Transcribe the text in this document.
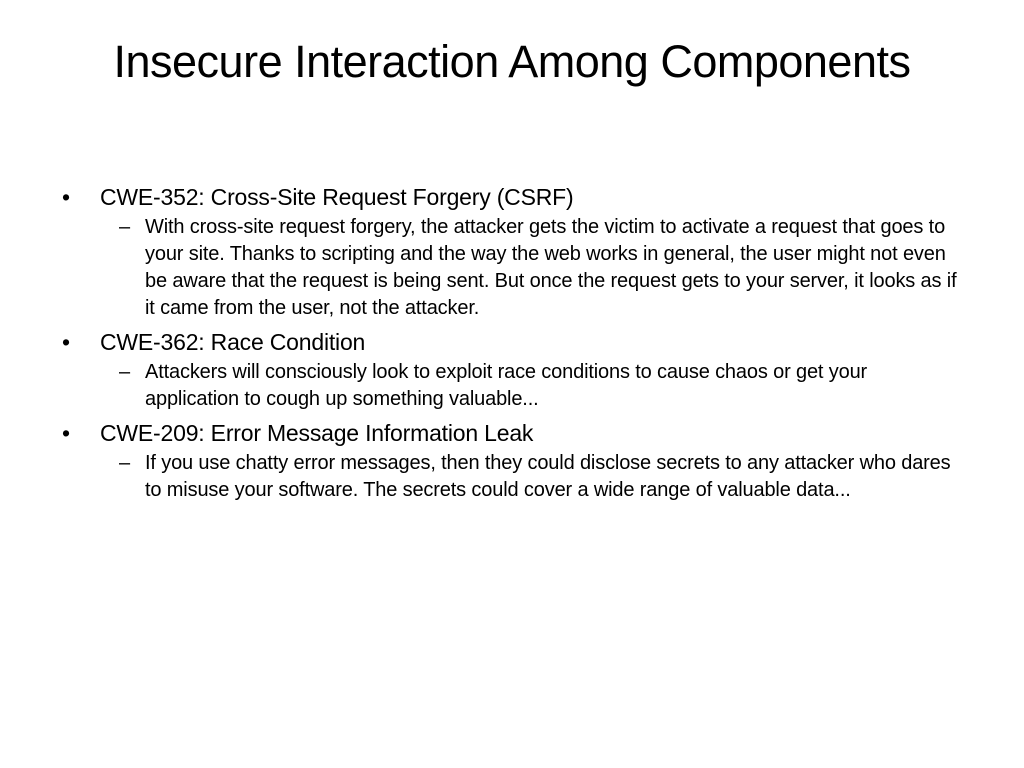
Insecure Interaction Among Components
•	CWE-352: Cross-Site Request Forgery (CSRF)
– With cross-site request forgery, the attacker gets the victim to activate a request that goes to your site. Thanks to scripting and the way the web works in general, the user might not even be aware that the request is being sent. But once the request gets to your server, it looks as if it came from the user, not the attacker.
•	CWE-362: Race Condition
– Attackers will consciously look to exploit race conditions to cause chaos or get your application to cough up something valuable...
•	CWE-209: Error Message Information Leak
– If you use chatty error messages, then they could disclose secrets to any attacker who dares to misuse your software. The secrets could cover a wide range of valuable data...
